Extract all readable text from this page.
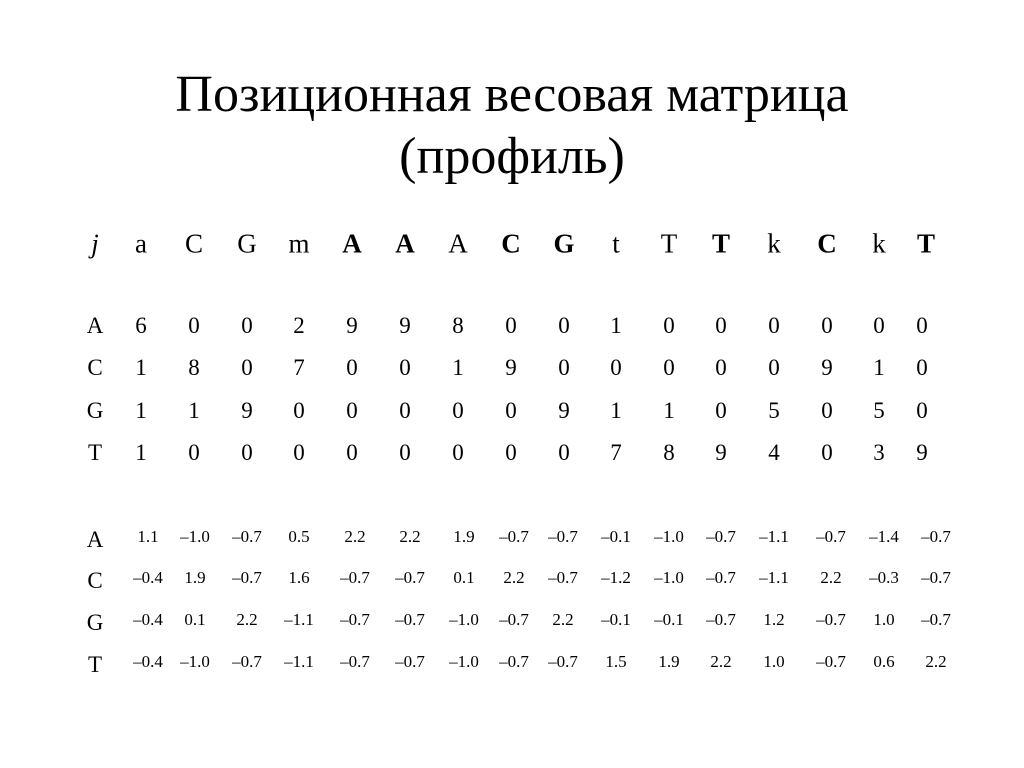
Позиционная весовая матрица
(профиль)
j a C G m A A A C G t T T k C k T
A 6 0 0 2 9 9 8 0 0 1 0 0 0 0 0 0
C 1 8 0 7 0 0 1 9 0 0 0 0 0 9 1 0
G 1 1 9 0 0 0 0 0 9 1 1 0 5 0 5 0
T 1 0 0 0 0 0 0 0 0 7 8 9 4 0 3 9
A 1.1 –1.0 –0.7 0.5 2.2 2.2 1.9 –0.7 –0.7 –0.1 –1.0 –0.7 –1.1 –0.7 –1.4 –0.7
C –0.4 1.9 –0.7 1.6 –0.7 –0.7 0.1 2.2 –0.7 –1.2 –1.0 –0.7 –1.1 2.2 –0.3 –0.7
G –0.4 0.1 2.2 –1.1 –0.7 –0.7 –1.0 –0.7 2.2 –0.1 –0.1 –0.7 1.2 –0.7 1.0 –0.7
T –0.4 –1.0 –0.7 –1.1 –0.7 –0.7 –1.0 –0.7 –0.7 1.5 1.9 2.2 1.0 –0.7 0.6 2.2
